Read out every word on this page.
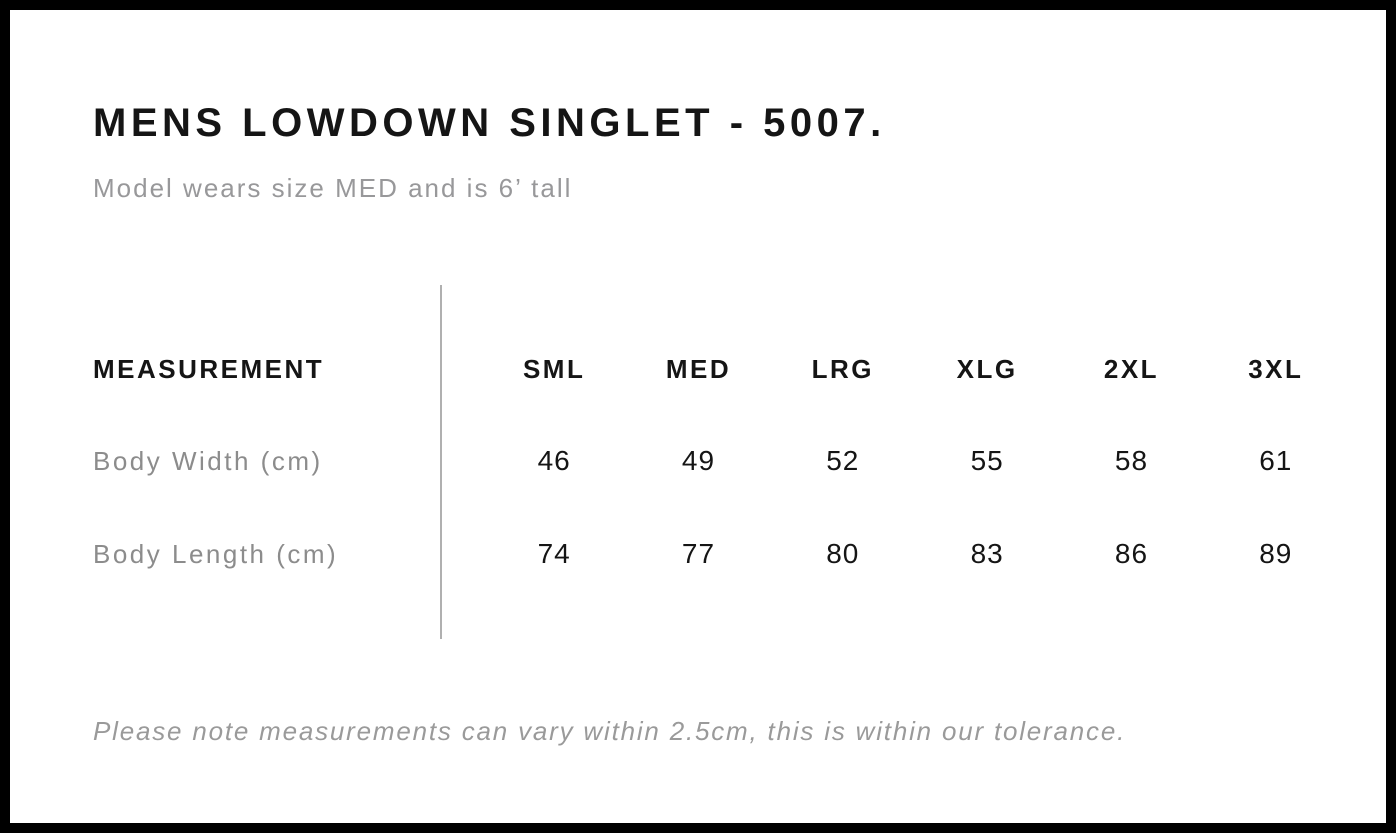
MENS LOWDOWN SINGLET - 5007.

Model wears size MED and is 6’ tall

MEASUREMENT	SML	MED	LRG	XLG	2XL	3XL
Body Width (cm)	46	49	52	55	58	61
Body Length (cm)	74	77	80	83	86	89

Please note measurements can vary within 2.5cm, this is within our tolerance.
